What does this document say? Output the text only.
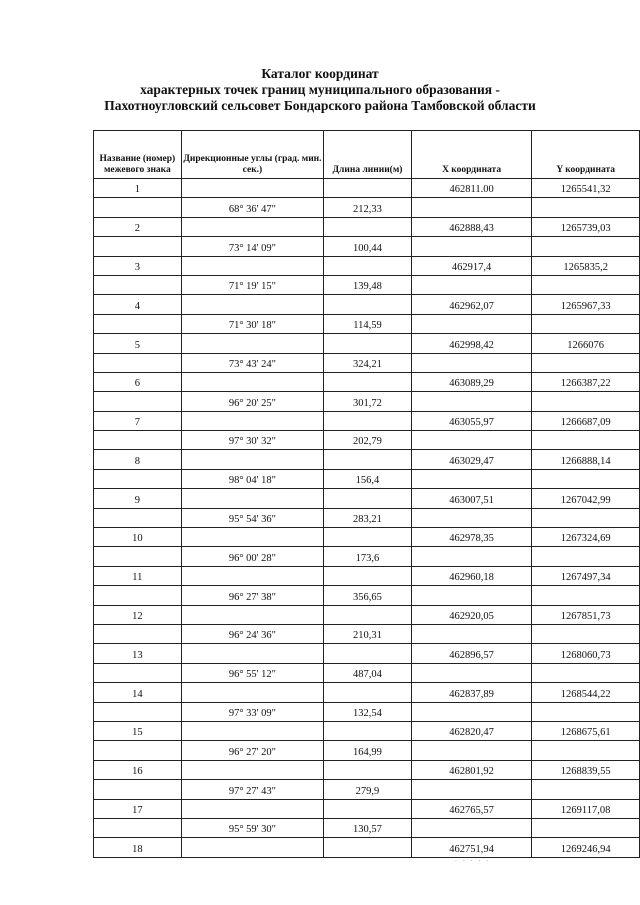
Каталог координат
характерных точек границ муниципального образования -
Пахотноугловский сельсовет Бондарского района Тамбовской области
Название (номер) межевого знака	Дирекционные углы (град. мин. сек.)	Длина линии(м)	X координата	Y координата
1			462811.00	1265541,32
	68° 36' 47"	212,33		
2			462888,43	1265739,03
	73° 14' 09"	100,44		
3			462917,4	1265835,2
	71° 19' 15"	139,48		
4			462962,07	1265967,33
	71° 30' 18"	114,59		
5			462998,42	1266076
	73° 43' 24"	324,21		
6			463089,29	1266387,22
	96° 20' 25"	301,72		
7			463055,97	1266687,09
	97° 30' 32"	202,79		
8			463029,47	1266888,14
	98° 04' 18"	156,4		
9			463007,51	1267042,99
	95° 54' 36"	283,21		
10			462978,35	1267324,69
	96° 00' 28"	173,6		
11			462960,18	1267497,34
	96° 27' 38"	356,65		
12			462920,05	1267851,73
	96° 24' 36"	210,31		
13			462896,57	1268060,73
	96° 55' 12"	487,04		
14			462837,89	1268544,22
	97° 33' 09"	132,54		
15			462820,47	1268675,61
	96° 27' 20"	164,99		
16			462801,92	1268839,55
	97° 27' 43"	279,9		
17			462765,57	1269117,08
	95° 59' 30"	130,57		
18			462751,94	1269246,94
· · · · ·
